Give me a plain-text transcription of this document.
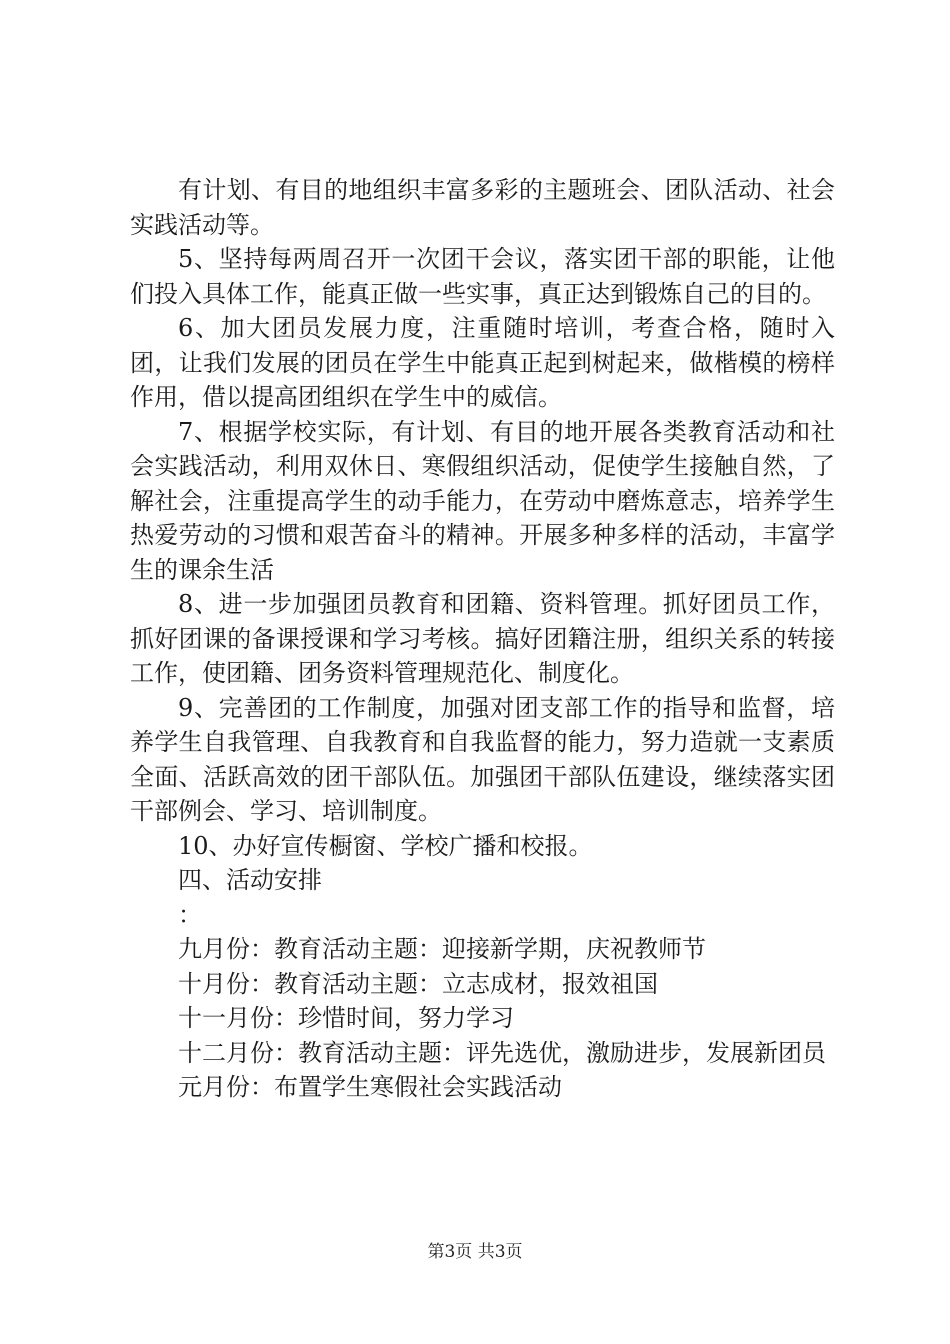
有计划、有目的地组织丰富多彩的主题班会、团队活动、社会实践活动等。

5、坚持每两周召开一次团干会议，落实团干部的职能，让他们投入具体工作，能真正做一些实事，真正达到锻炼自己的目的。

6、加大团员发展力度，注重随时培训，考查合格，随时入团，让我们发展的团员在学生中能真正起到树起来，做楷模的榜样作用，借以提高团组织在学生中的威信。

7、根据学校实际，有计划、有目的地开展各类教育活动和社会实践活动，利用双休日、寒假组织活动，促使学生接触自然，了解社会，注重提高学生的动手能力，在劳动中磨炼意志，培养学生热爱劳动的习惯和艰苦奋斗的精神。开展多种多样的活动，丰富学生的课余生活

8、进一步加强团员教育和团籍、资料管理。抓好团员工作，抓好团课的备课授课和学习考核。搞好团籍注册，组织关系的转接工作，使团籍、团务资料管理规范化、制度化。

9、完善团的工作制度，加强对团支部工作的指导和监督，培养学生自我管理、自我教育和自我监督的能力，努力造就一支素质全面、活跃高效的团干部队伍。加强团干部队伍建设，继续落实团干部例会、学习、培训制度。

10、办好宣传橱窗、学校广播和校报。

四、活动安排

：

九月份：教育活动主题：迎接新学期，庆祝教师节

十月份：教育活动主题：立志成材，报效祖国

十一月份：珍惜时间，努力学习

十二月份：教育活动主题：评先选优，激励进步，发展新团员

元月份：布置学生寒假社会实践活动

第3页 共3页
